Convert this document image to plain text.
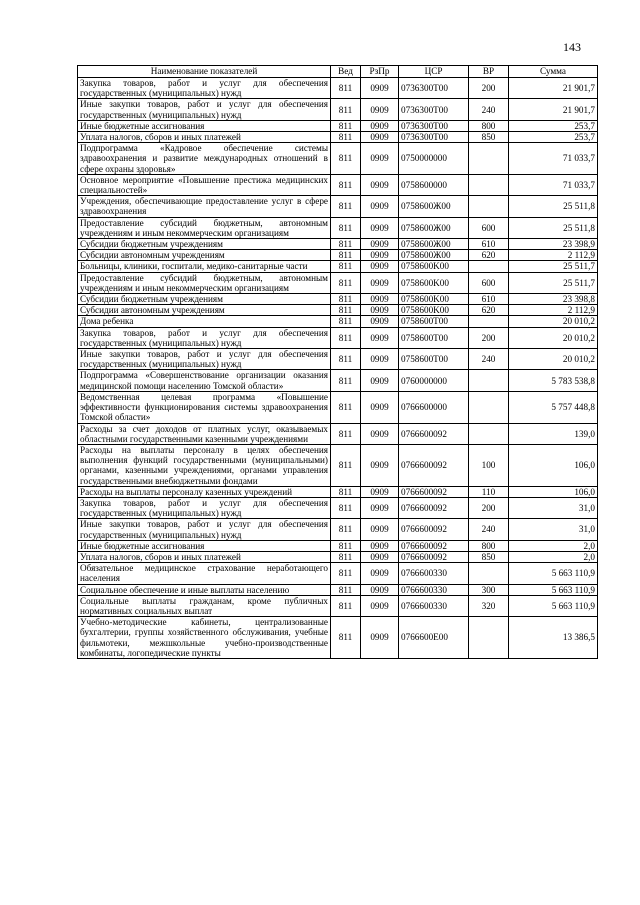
143
Наименование показателей	Вед	РзПр	ЦСР	ВР	Сумма
Закупка товаров, работ и услуг для обеспечения государственных (муниципальных) нужд	811	0909	0736300T00	200	21 901,7
Иные закупки товаров, работ и услуг для обеспечения государственных (муниципальных) нужд	811	0909	0736300T00	240	21 901,7
Иные бюджетные ассигнования	811	0909	0736300T00	800	253,7
Уплата налогов, сборов и иных платежей	811	0909	0736300T00	850	253,7
Подпрограмма «Кадровое обеспечение системы здравоохранения и развитие международных отношений в сфере охраны здоровья»	811	0909	0750000000		71 033,7
Основное мероприятие «Повышение престижа медицинских специальностей»	811	0909	0758600000		71 033,7
Учреждения, обеспечивающие предоставление услуг в сфере здравоохранения	811	0909	0758600Ж00		25 511,8
Предоставление субсидий бюджетным, автономным учреждениям и иным некоммерческим организациям	811	0909	0758600Ж00	600	25 511,8
Субсидии бюджетным учреждениям	811	0909	0758600Ж00	610	23 398,9
Субсидии автономным учреждениям	811	0909	0758600Ж00	620	2 112,9
Больницы, клиники, госпитали, медико-санитарные части	811	0909	0758600K00		25 511,7
Предоставление субсидий бюджетным, автономным учреждениям и иным некоммерческим организациям	811	0909	0758600K00	600	25 511,7
Субсидии бюджетным учреждениям	811	0909	0758600K00	610	23 398,8
Субсидии автономным учреждениям	811	0909	0758600K00	620	2 112,9
Дома ребенка	811	0909	0758600T00		20 010,2
Закупка товаров, работ и услуг для обеспечения государственных (муниципальных) нужд	811	0909	0758600T00	200	20 010,2
Иные закупки товаров, работ и услуг для обеспечения государственных (муниципальных) нужд	811	0909	0758600T00	240	20 010,2
Подпрограмма «Совершенствование организации оказания медицинской помощи населению Томской области»	811	0909	0760000000		5 783 538,8
Ведомственная целевая программа «Повышение эффективности функционирования системы здравоохранения Томской области»	811	0909	0766600000		5 757 448,8
Расходы за счет доходов от платных услуг, оказываемых областными государственными казенными учреждениями	811	0909	0766600092		139,0
Расходы на выплаты персоналу в целях обеспечения выполнения функций государственными (муниципальными) органами, казенными учреждениями, органами управления государственными внебюджетными фондами	811	0909	0766600092	100	106,0
Расходы на выплаты персоналу казенных учреждений	811	0909	0766600092	110	106,0
Закупка товаров, работ и услуг для обеспечения государственных (муниципальных) нужд	811	0909	0766600092	200	31,0
Иные закупки товаров, работ и услуг для обеспечения государственных (муниципальных) нужд	811	0909	0766600092	240	31,0
Иные бюджетные ассигнования	811	0909	0766600092	800	2,0
Уплата налогов, сборов и иных платежей	811	0909	0766600092	850	2,0
Обязательное медицинское страхование неработающего населения	811	0909	0766600330		5 663 110,9
Социальное обеспечение и иные выплаты населению	811	0909	0766600330	300	5 663 110,9
Социальные выплаты гражданам, кроме публичных нормативных социальных выплат	811	0909	0766600330	320	5 663 110,9
Учебно-методические кабинеты, централизованные бухгалтерии, группы хозяйственного обслуживания, учебные фильмотеки, межшкольные учебно-производственные комбинаты, логопедические пункты	811	0909	0766600E00		13 386,5
